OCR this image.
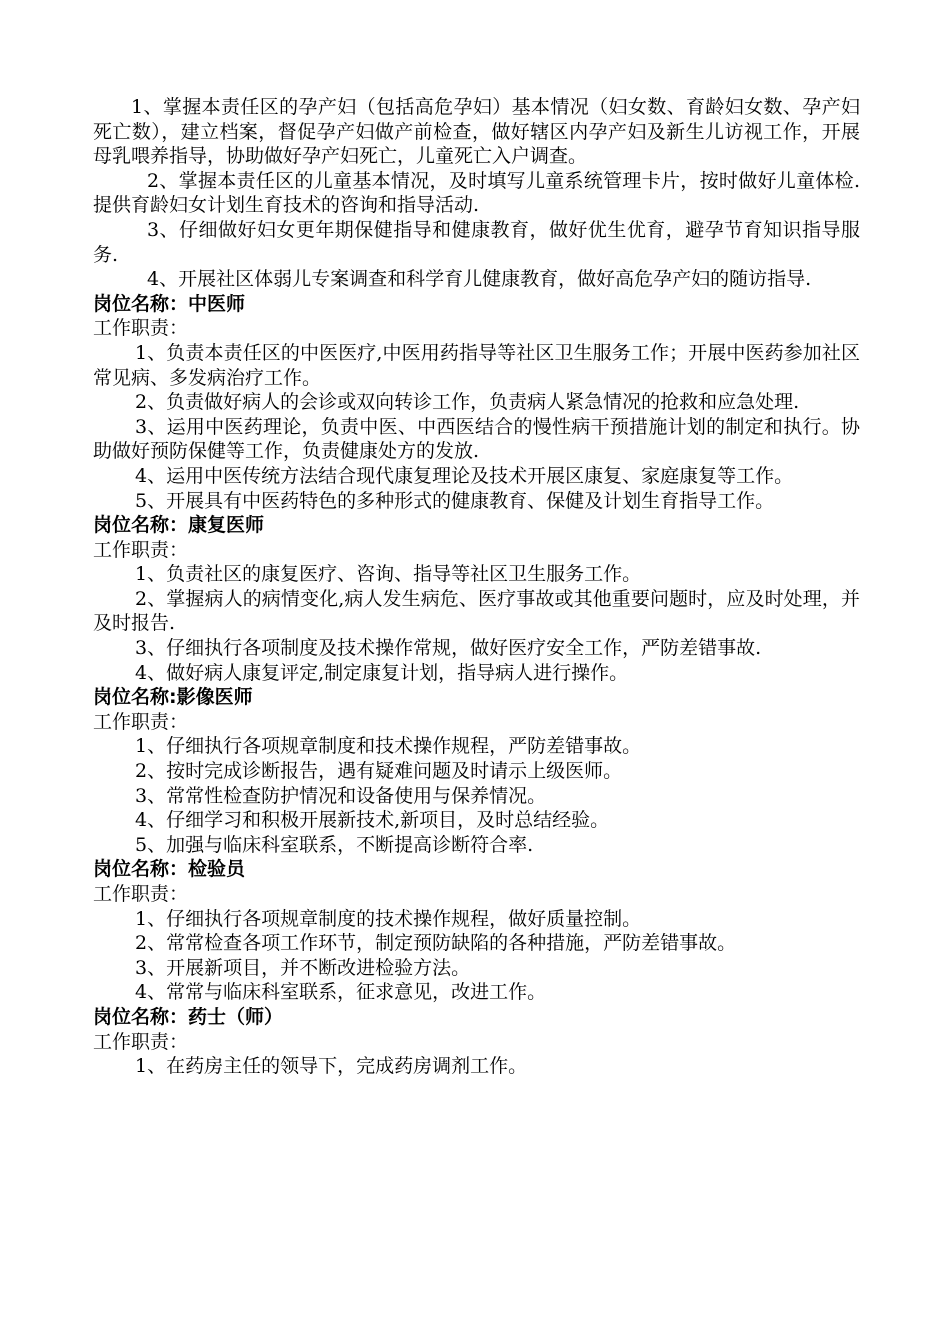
1、掌握本责任区的孕产妇（包括高危孕妇）基本情况（妇女数、育龄妇女数、孕产妇死亡数），建立档案，督促孕产妇做产前检查，做好辖区内孕产妇及新生儿访视工作，开展母乳喂养指导，协助做好孕产妇死亡，儿童死亡入户调查。

2、掌握本责任区的儿童基本情况，及时填写儿童系统管理卡片，按时做好儿童体检.提供育龄妇女计划生育技术的咨询和指导活动.

3、仔细做好妇女更年期保健指导和健康教育，做好优生优育，避孕节育知识指导服务.

4、开展社区体弱儿专案调查和科学育儿健康教育，做好高危孕产妇的随访指导.

岗位名称：中医师

工作职责：

1、负责本责任区的中医医疗,中医用药指导等社区卫生服务工作；开展中医药参加社区常见病、多发病治疗工作。

2、负责做好病人的会诊或双向转诊工作，负责病人紧急情况的抢救和应急处理.

3、运用中医药理论，负责中医、中西医结合的慢性病干预措施计划的制定和执行。协助做好预防保健等工作，负责健康处方的发放.

4、运用中医传统方法结合现代康复理论及技术开展区康复、家庭康复等工作。

5、开展具有中医药特色的多种形式的健康教育、保健及计划生育指导工作。

岗位名称：康复医师

工作职责：

1、负责社区的康复医疗、咨询、指导等社区卫生服务工作。

2、掌握病人的病情变化,病人发生病危、医疗事故或其他重要问题时，应及时处理，并及时报告.

3、仔细执行各项制度及技术操作常规，做好医疗安全工作，严防差错事故.

4、做好病人康复评定,制定康复计划，指导病人进行操作。

岗位名称:影像医师

工作职责：

1、仔细执行各项规章制度和技术操作规程，严防差错事故。

2、按时完成诊断报告，遇有疑难问题及时请示上级医师。

3、常常性检查防护情况和设备使用与保养情况。

4、仔细学习和积极开展新技术,新项目，及时总结经验。

5、加强与临床科室联系，不断提高诊断符合率.

岗位名称：检验员

工作职责：

1、仔细执行各项规章制度的技术操作规程，做好质量控制。

2、常常检查各项工作环节，制定预防缺陷的各种措施，严防差错事故。

3、开展新项目，并不断改进检验方法。

4、常常与临床科室联系，征求意见，改进工作。

岗位名称：药士（师）

工作职责：

1、在药房主任的领导下，完成药房调剂工作。
